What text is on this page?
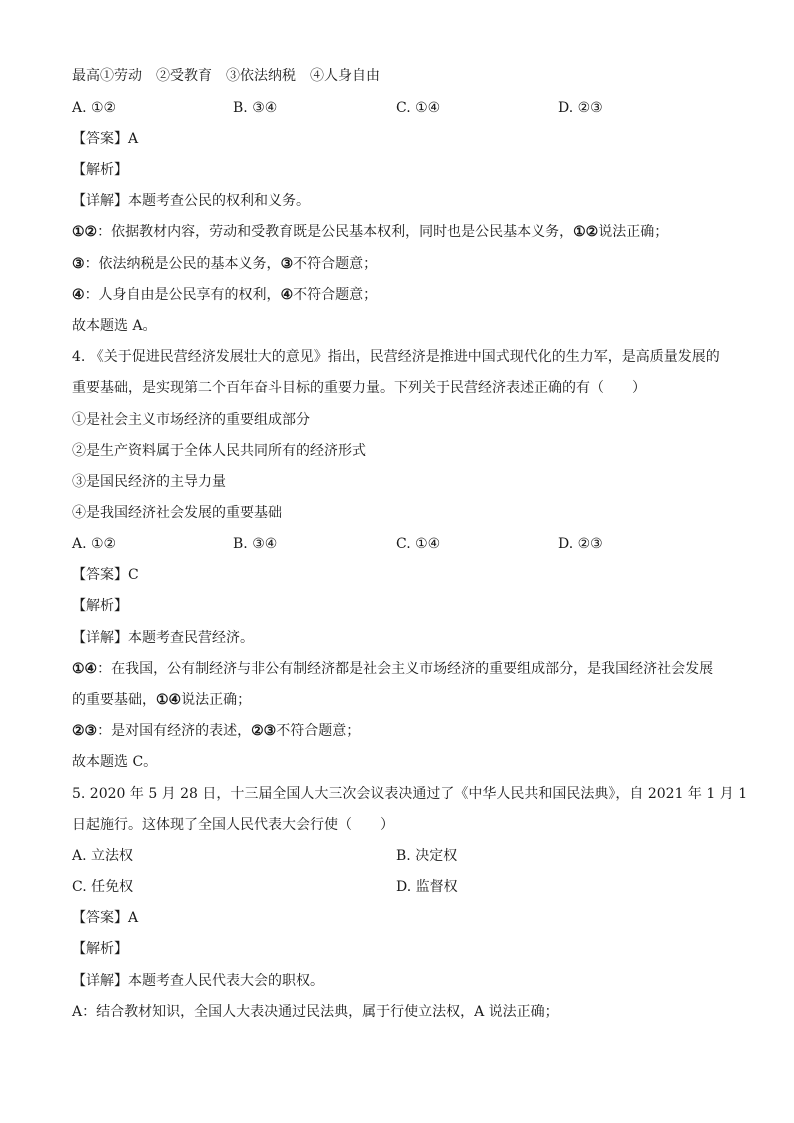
最高①劳动　②受教育　③依法纳税　④人身自由
A. ①②	B. ③④	C. ①④	D. ②③
【答案】A
【解析】
【详解】本题考查公民的权利和义务。
①②：依据教材内容，劳动和受教育既是公民基本权利，同时也是公民基本义务，①②说法正确；
③：依法纳税是公民的基本义务，③不符合题意；
④：人身自由是公民享有的权利，④不符合题意；
故本题选 A。
4. 《关于促进民营经济发展壮大的意见》指出，民营经济是推进中国式现代化的生力军，是高质量发展的
重要基础，是实现第二个百年奋斗目标的重要力量。下列关于民营经济表述正确的有（　　）
①是社会主义市场经济的重要组成部分
②是生产资料属于全体人民共同所有的经济形式
③是国民经济的主导力量
④是我国经济社会发展的重要基础
A. ①②	B. ③④	C. ①④	D. ②③
【答案】C
【解析】
【详解】本题考查民营经济。
①④：在我国，公有制经济与非公有制经济都是社会主义市场经济的重要组成部分，是我国经济社会发展
的重要基础，①④说法正确；
②③：是对国有经济的表述，②③不符合题意；
故本题选 C。
5. 2020 年 5 月 28 日，十三届全国人大三次会议表决通过了《中华人民共和国民法典》，自 2021 年 1 月 1
日起施行。这体现了全国人民代表大会行使（　　）
A. 立法权	B. 决定权
C. 任免权	D. 监督权
【答案】A
【解析】
【详解】本题考查人民代表大会的职权。
A：结合教材知识，全国人大表决通过民法典，属于行使立法权，A 说法正确；
